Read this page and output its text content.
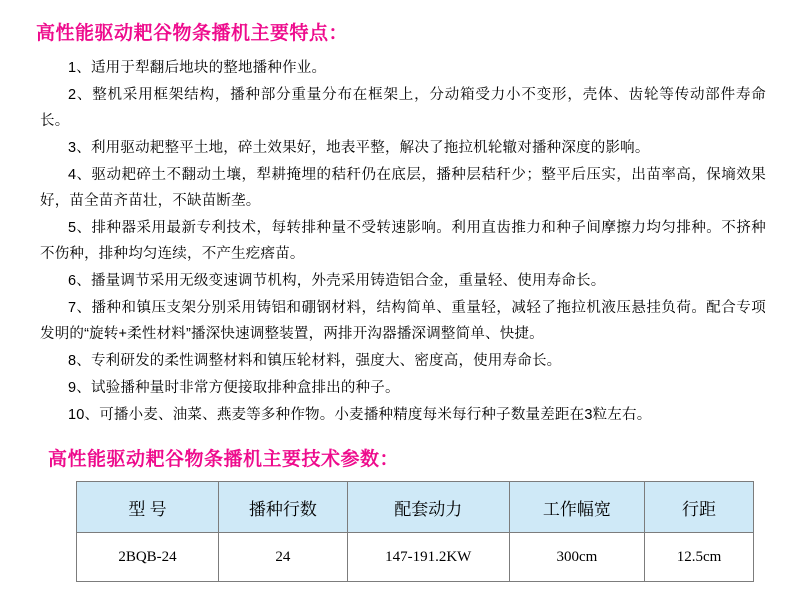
高性能驱动耙谷物条播机主要特点：
1、适用于犁翻后地块的整地播种作业。
2、整机采用框架结构，播种部分重量分布在框架上，分动箱受力小不变形，壳体、齿轮等传动部件寿命长。
3、利用驱动耙整平土地，碎土效果好，地表平整，解决了拖拉机轮辙对播种深度的影响。
4、驱动耙碎土不翻动土壤，犁耕掩埋的秸秆仍在底层，播种层秸秆少；整平后压实，出苗率高，保墒效果好，苗全苗齐苗壮，不缺苗断垄。
5、排种器采用最新专利技术，每转排种量不受转速影响。利用直齿推力和种子间摩擦力均匀排种。不挤种不伤种，排种均匀连续，不产生疙瘩苗。
6、播量调节采用无级变速调节机构，外壳采用铸造铝合金，重量轻、使用寿命长。
7、播种和镇压支架分别采用铸铝和硼钢材料，结构简单、重量轻，减轻了拖拉机液压悬挂负荷。配合专项发明的“旋转+柔性材料”播深快速调整装置，两排开沟器播深调整简单、快捷。
8、专利研发的柔性调整材料和镇压轮材料，强度大、密度高，使用寿命长。
9、试验播种量时非常方便接取排种盒排出的种子。
10、可播小麦、油菜、燕麦等多种作物。小麦播种精度每米每行种子数量差距在3粒左右。
高性能驱动耙谷物条播机主要技术参数：
型 号	播种行数	配套动力	工作幅宽	行距
2BQB-24	24	147-191.2KW	300cm	12.5cm
